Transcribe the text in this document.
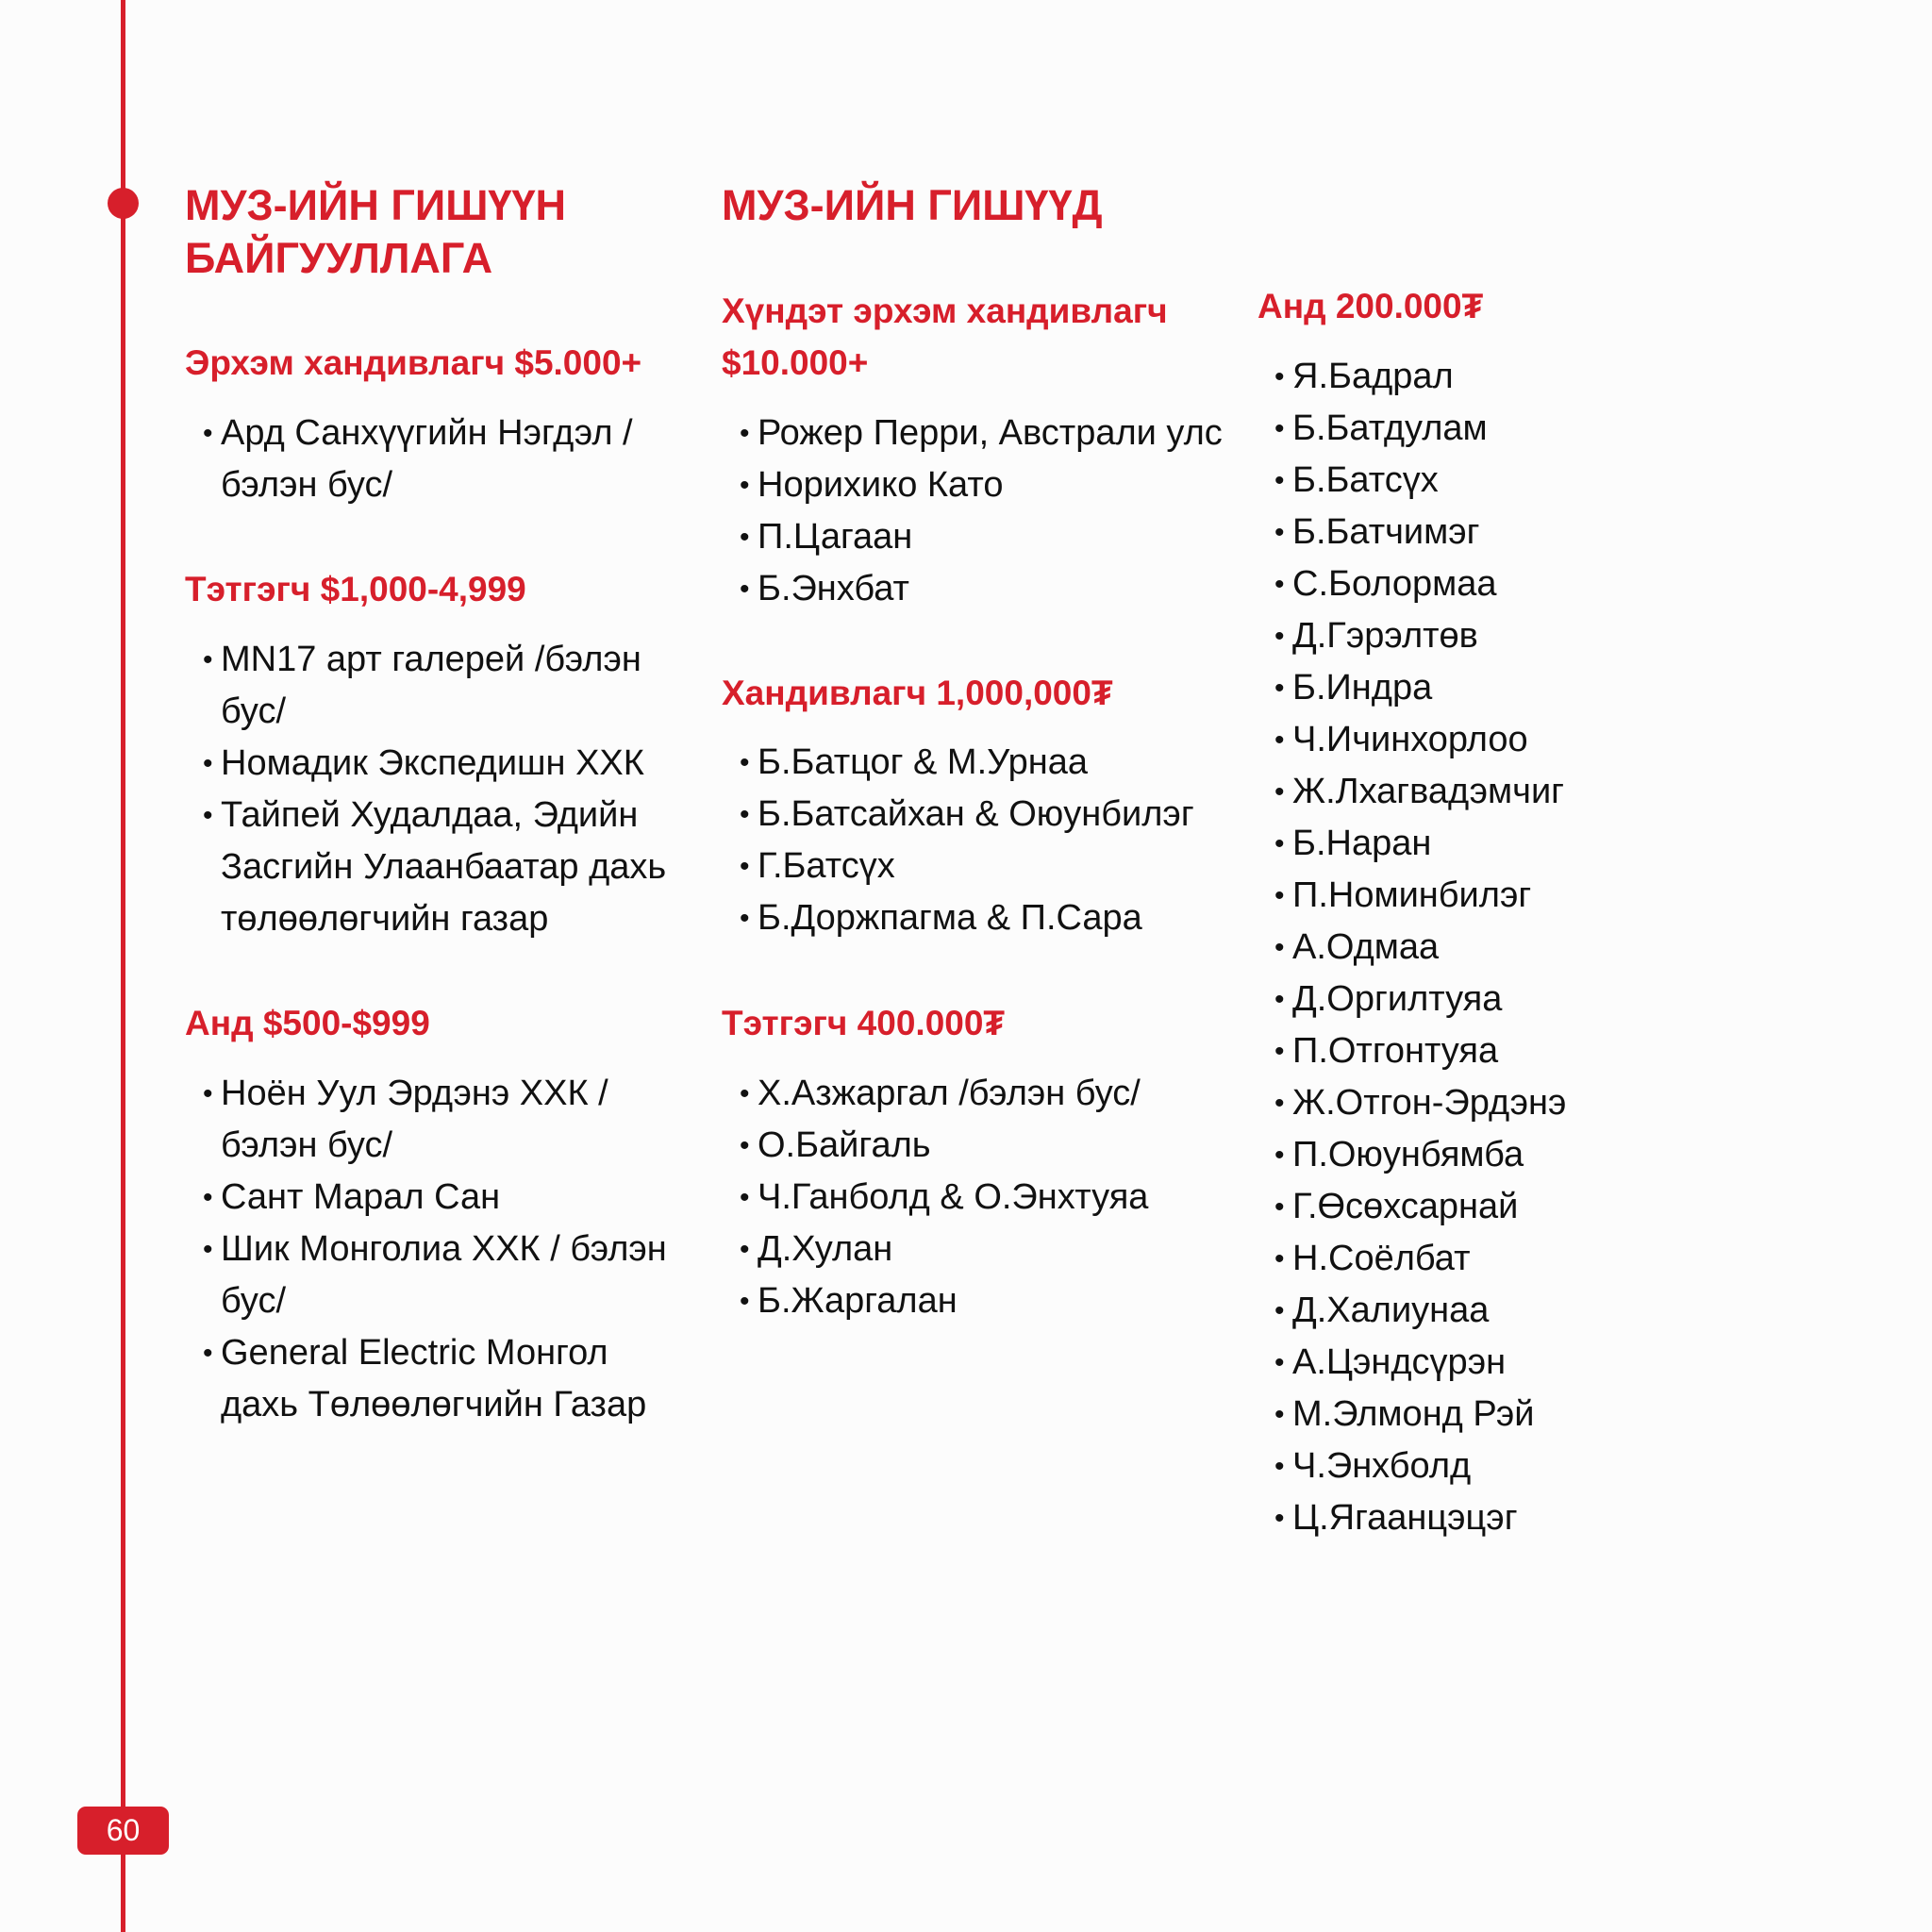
60
МУЗ-ИЙН ГИШҮҮН
БАЙГУУЛЛАГА
Эрхэм хандивлагч $5.000+
• Ард Санхүүгийн Нэгдэл / бэлэн бус/
Тэтгэгч $1,000-4,999
• MN17 арт галерей /бэлэн бус/
• Номадик Экспедишн ХХК
• Тайпей Худалдаа, Эдийн Засгийн Улаанбаатар дахь төлөөлөгчийн газар
Анд $500-$999
• Ноён Уул Эрдэнэ ХХК / бэлэн бус/
• Сант Марал Сан
• Шик Монголиа ХХК / бэлэн бус/
• General Electric Монгол дахь Төлөөлөгчийн Газар
МУЗ-ИЙН ГИШҮҮД
Хүндэт эрхэм хандивлагч
$10.000+
• Рожер Перри, Австрали улс
• Норихико Като
• П.Цагаан
• Б.Энхбат
Хандивлагч 1,000,000₮
• Б.Батцог & М.Урнаа
• Б.Батсайхан & Оюунбилэг
• Г.Батсүх
• Б.Доржпагма & П.Сара
Тэтгэгч 400.000₮
• Х.Азжаргал /бэлэн бус/
• О.Байгаль
• Ч.Ганболд & О.Энхтуяа
• Д.Хулан
• Б.Жаргалан
Анд 200.000₮
• Я.Бадрал
• Б.Батдулам
• Б.Батсүх
• Б.Батчимэг
• С.Болормаа
• Д.Гэрэлтөв
• Б.Индра
• Ч.Ичинхорлоо
• Ж.Лхагвадэмчиг
• Б.Наран
• П.Номинбилэг
• А.Одмаа
• Д.Оргилтуяа
• П.Отгонтуяа
• Ж.Отгон-Эрдэнэ
• П.Оюунбямба
• Г.Өсөхсарнай
• Н.Соёлбат
• Д.Халиунаа
• А.Цэндсүрэн
• М.Элмонд Рэй
• Ч.Энхболд
• Ц.Ягаанцэцэг
